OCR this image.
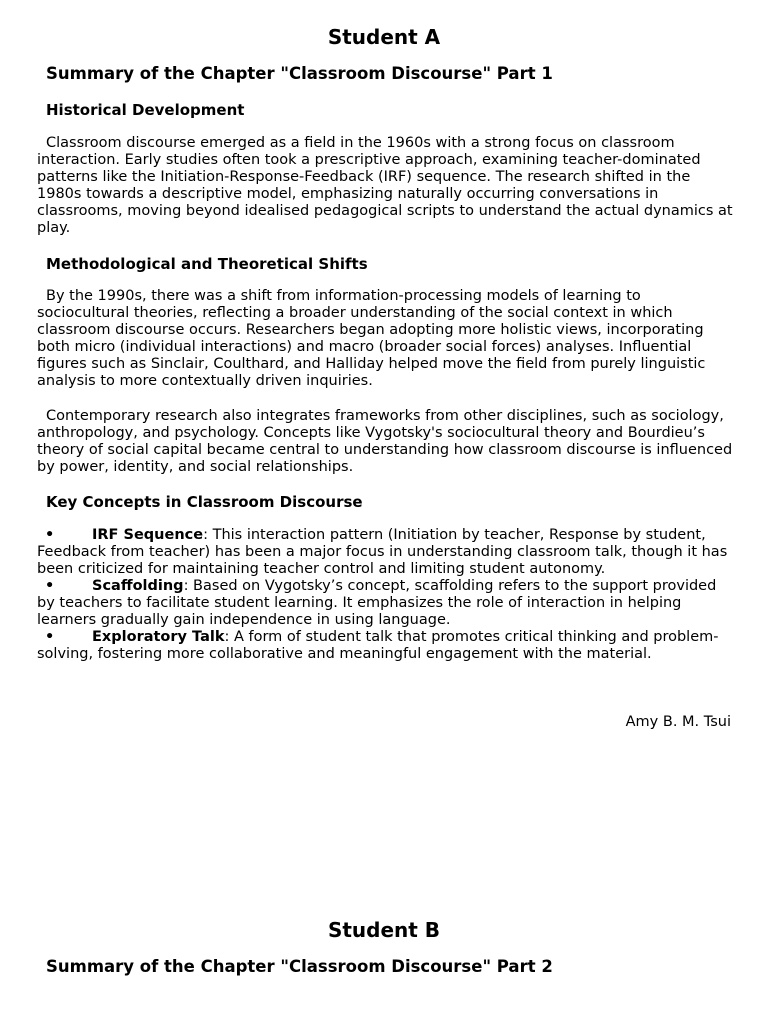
Student A
Summary of the Chapter "Classroom Discourse" Part 1
Historical Development

Classroom discourse emerged as a field in the 1960s with a strong focus on classroom interaction. Early studies often took a prescriptive approach, examining teacher-dominated patterns like the Initiation-Response-Feedback (IRF) sequence. The research shifted in the 1980s towards a descriptive model, emphasizing naturally occurring conversations in classrooms, moving beyond idealised pedagogical scripts to understand the actual dynamics at play.

Methodological and Theoretical Shifts

By the 1990s, there was a shift from information-processing models of learning to sociocultural theories, reflecting a broader understanding of the social context in which classroom discourse occurs. Researchers began adopting more holistic views, incorporating both micro (individual interactions) and macro (broader social forces) analyses. Influential figures such as Sinclair, Coulthard, and Halliday helped move the field from purely linguistic analysis to more contextually driven inquiries.

Contemporary research also integrates frameworks from other disciplines, such as sociology, anthropology, and psychology. Concepts like Vygotsky's sociocultural theory and Bourdieu’s theory of social capital became central to understanding how classroom discourse is influenced by power, identity, and social relationships.

Key Concepts in Classroom Discourse
•	IRF Sequence: This interaction pattern (Initiation by teacher, Response by student, Feedback from teacher) has been a major focus in understanding classroom talk, though it has been criticized for maintaining teacher control and limiting student autonomy.
•	Scaffolding: Based on Vygotsky’s concept, scaffolding refers to the support provided by teachers to facilitate student learning. It emphasizes the role of interaction in helping learners gradually gain independence in using language.
•	Exploratory Talk: A form of student talk that promotes critical thinking and problem-solving, fostering more collaborative and meaningful engagement with the material.

Amy B. M. Tsui

Student B
Summary of the Chapter "Classroom Discourse" Part 2
